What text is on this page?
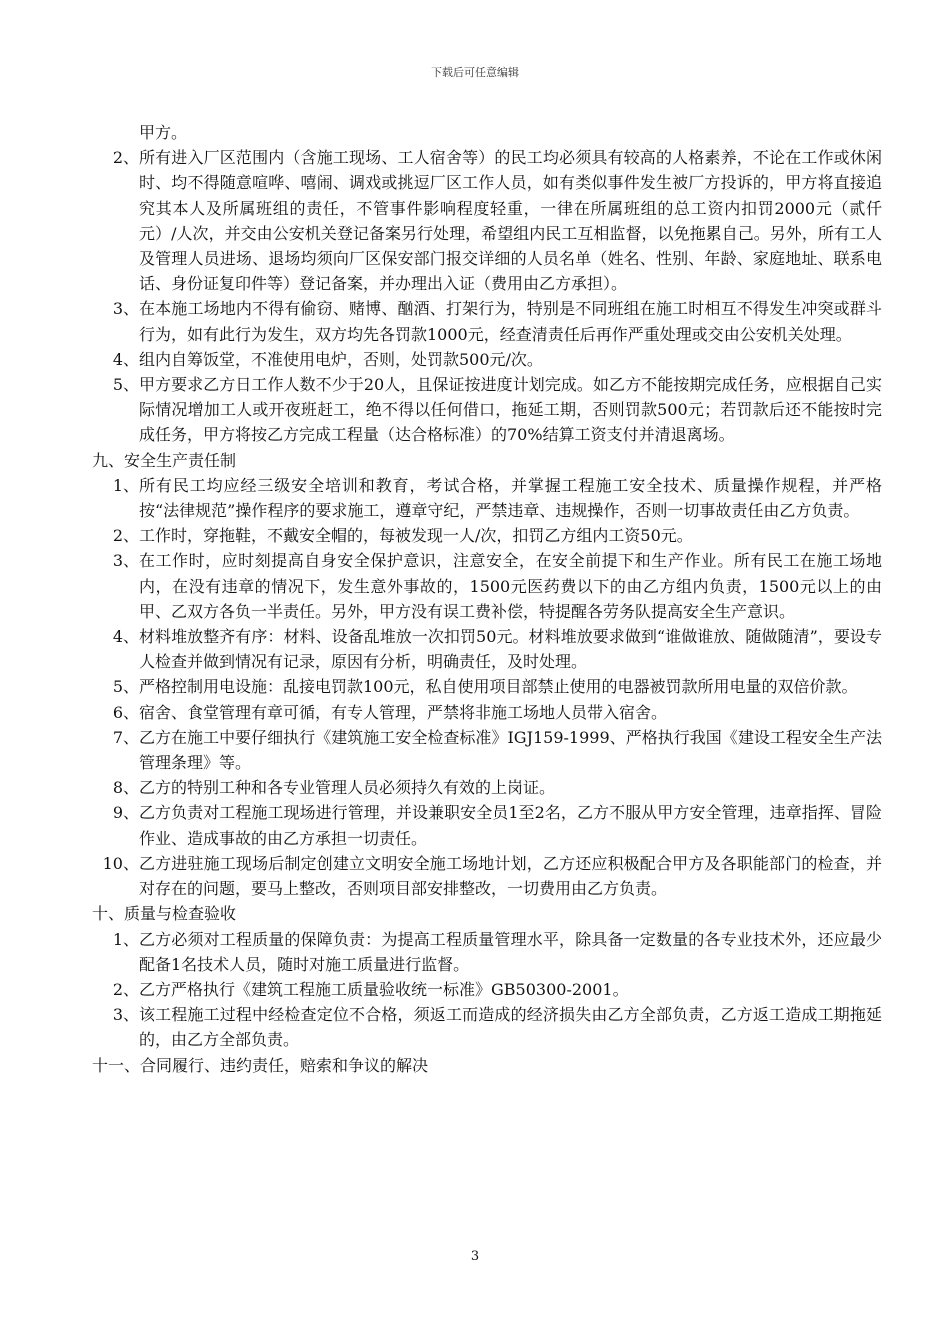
下载后可任意编辑
甲方。
2、 所有进入厂区范围内（含施工现场、工人宿舍等）的民工均必须具有较高的人格素养，不论在工作或休闲时、均不得随意喧哗、嘻闹、调戏或挑逗厂区工作人员，如有类似事件发生被厂方投诉的，甲方将直接追究其本人及所属班组的责任，不管事件影响程度轻重，一律在所属班组的总工资内扣罚2000元（贰仟元）/人次，并交由公安机关登记备案另行处理，希望组内民工互相监督，以免拖累自己。另外，所有工人及管理人员进场、退场均须向厂区保安部门报交详细的人员名单（姓名、性别、年龄、家庭地址、联系电话、身份证复印件等）登记备案，并办理出入证（费用由乙方承担）。
3、 在本施工场地内不得有偷窃、赌博、酗酒、打架行为，特别是不同班组在施工时相互不得发生冲突或群斗行为，如有此行为发生，双方均先各罚款1000元，经查清责任后再作严重处理或交由公安机关处理。
4、 组内自筹饭堂，不准使用电炉，否则，处罚款500元/次。
5、 甲方要求乙方日工作人数不少于20人，且保证按进度计划完成。如乙方不能按期完成任务，应根据自己实际情况增加工人或开夜班赶工，绝不得以任何借口，拖延工期，否则罚款500元；若罚款后还不能按时完成任务，甲方将按乙方完成工程量（达合格标准）的70%结算工资支付并清退离场。
九、安全生产责任制
1、 所有民工均应经三级安全培训和教育，考试合格，并掌握工程施工安全技术、质量操作规程，并严格按“法律规范”操作程序的要求施工，遵章守纪，严禁违章、违规操作，否则一切事故责任由乙方负责。
2、 工作时，穿拖鞋，不戴安全帽的，每被发现一人/次，扣罚乙方组内工资50元。
3、 在工作时，应时刻提高自身安全保护意识，注意安全，在安全前提下和生产作业。所有民工在施工场地内，在没有违章的情况下，发生意外事故的，1500元医药费以下的由乙方组内负责，1500元以上的由甲、乙双方各负一半责任。另外，甲方没有误工费补偿，特提醒各劳务队提高安全生产意识。
4、 材料堆放整齐有序：材料、设备乱堆放一次扣罚50元。材料堆放要求做到“谁做谁放、随做随清”，要设专人检查并做到情况有记录，原因有分析，明确责任，及时处理。
5、 严格控制用电设施：乱接电罚款100元，私自使用项目部禁止使用的电器被罚款所用电量的双倍价款。
6、 宿舍、食堂管理有章可循，有专人管理，严禁将非施工场地人员带入宿舍。
7、 乙方在施工中要仔细执行《建筑施工安全检查标准》IGJ159-1999、严格执行我国《建设工程安全生产法管理条理》等。
8、 乙方的特别工种和各专业管理人员必须持久有效的上岗证。
9、 乙方负责对工程施工现场进行管理，并设兼职安全员1至2名，乙方不服从甲方安全管理，违章指挥、冒险作业、造成事故的由乙方承担一切责任。
10、 乙方进驻施工现场后制定创建立文明安全施工场地计划，乙方还应积极配合甲方及各职能部门的检查，并对存在的问题，要马上整改，否则项目部安排整改，一切费用由乙方负责。
十、质量与检查验收
1、 乙方必须对工程质量的保障负责：为提高工程质量管理水平，除具备一定数量的各专业技术外，还应最少配备1名技术人员，随时对施工质量进行监督。
2、 乙方严格执行《建筑工程施工质量验收统一标准》GB50300-2001。
3、 该工程施工过程中经检查定位不合格，须返工而造成的经济损失由乙方全部负责，乙方返工造成工期拖延的，由乙方全部负责。
十一、合同履行、违约责任，赔索和争议的解决
3
